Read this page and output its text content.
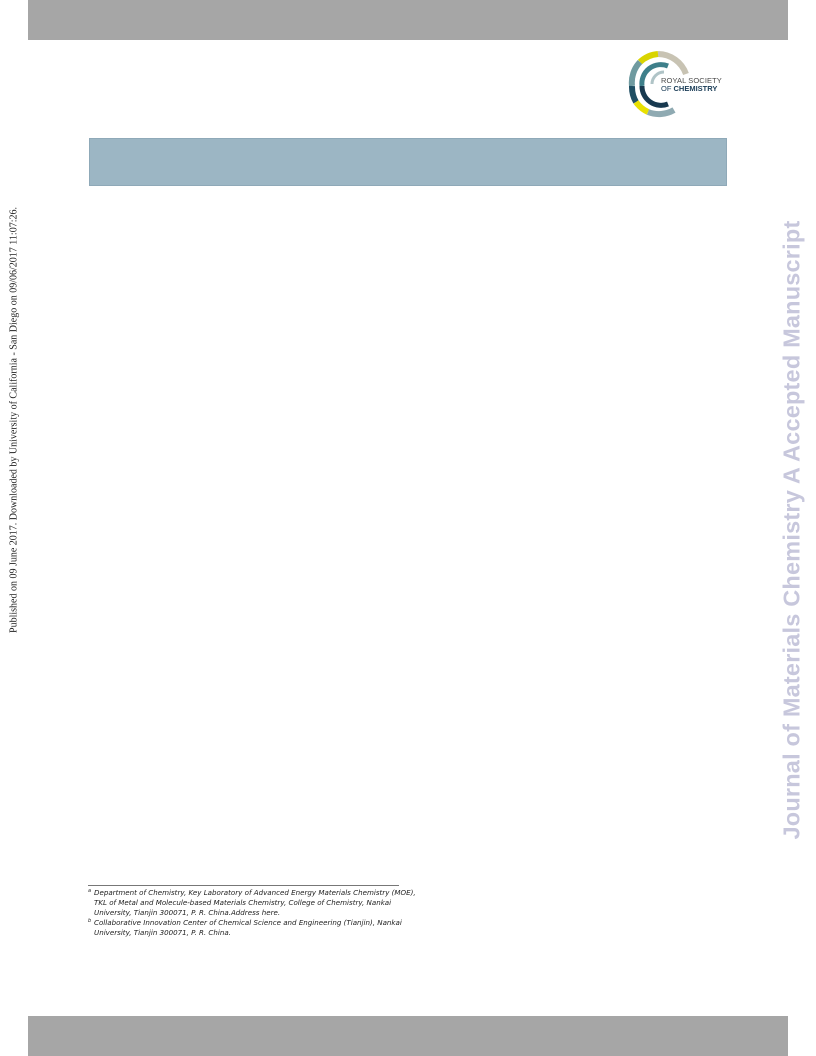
ROYAL SOCIETY
OF CHEMISTRY
Published on 09 June 2017. Downloaded by University of California - San Diego on 09/06/2017 11:07:26.	Journal of Materials Chemistry A Accepted Manuscript
a Department of Chemistry, Key Laboratory of Advanced Energy Materials Chemistry (MOE), TKL of Metal and Molecule-based Materials Chemistry, College of Chemistry, Nankai University, Tianjin 300071, P. R. China.Address here.
b Collaborative Innovation Center of Chemical Science and Engineering (Tianjin), Nankai University, Tianjin 300071, P. R. China.
